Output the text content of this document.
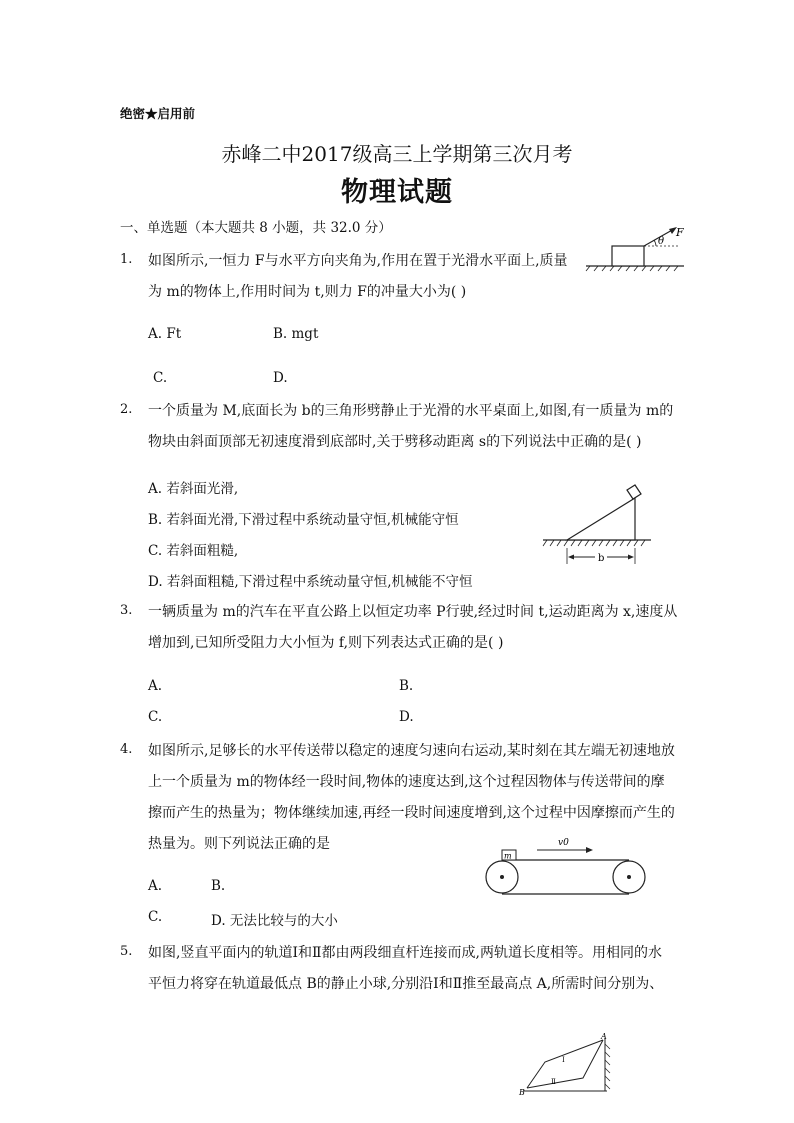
绝密★启用前
赤峰二中2017级高三上学期第三次月考
物理试题
一、单选题（本大题共 8 小题，共 32.0 分）
1. 如图所示,一恒力 F与水平方向夹角为,作用在置于光滑水平面上,质量
为 m的物体上,作用时间为 t,则力 F的冲量大小为( )
A. Ft	B. mgt
C.	D.
θ
F
2. 一个质量为 M,底面长为 b的三角形劈静止于光滑的水平桌面上,如图,有一质量为 m的
物块由斜面顶部无初速度滑到底部时,关于劈移动距离 s的下列说法中正确的是( )
A. 若斜面光滑,
B. 若斜面光滑,下滑过程中系统动量守恒,机械能守恒
C. 若斜面粗糙,
D. 若斜面粗糙,下滑过程中系统动量守恒,机械能不守恒
b
3. 一辆质量为 m的汽车在平直公路上以恒定功率 P行驶,经过时间 t,运动距离为 x,速度从
增加到,已知所受阻力大小恒为 f,则下列表达式正确的是( )
A.	B.
C.	D.
4. 如图所示,足够长的水平传送带以稳定的速度匀速向右运动,某时刻在其左端无初速地放
上一个质量为 m的物体经一段时间,物体的速度达到,这个过程因物体与传送带间的摩
擦而产生的热量为；物体继续加速,再经一段时间速度增到,这个过程中因摩擦而产生的
热量为。则下列说法正确的是
A.	B.
C.	D. 无法比较与的大小
m
v0
5. 如图,竖直平面内的轨道Ⅰ和Ⅱ都由两段细直杆连接而成,两轨道长度相等。用相同的水
平恒力将穿在轨道最低点 B的静止小球,分别沿Ⅰ和Ⅱ推至最高点 A,所需时间分别为、
Ⅰ
Ⅱ
A
B
